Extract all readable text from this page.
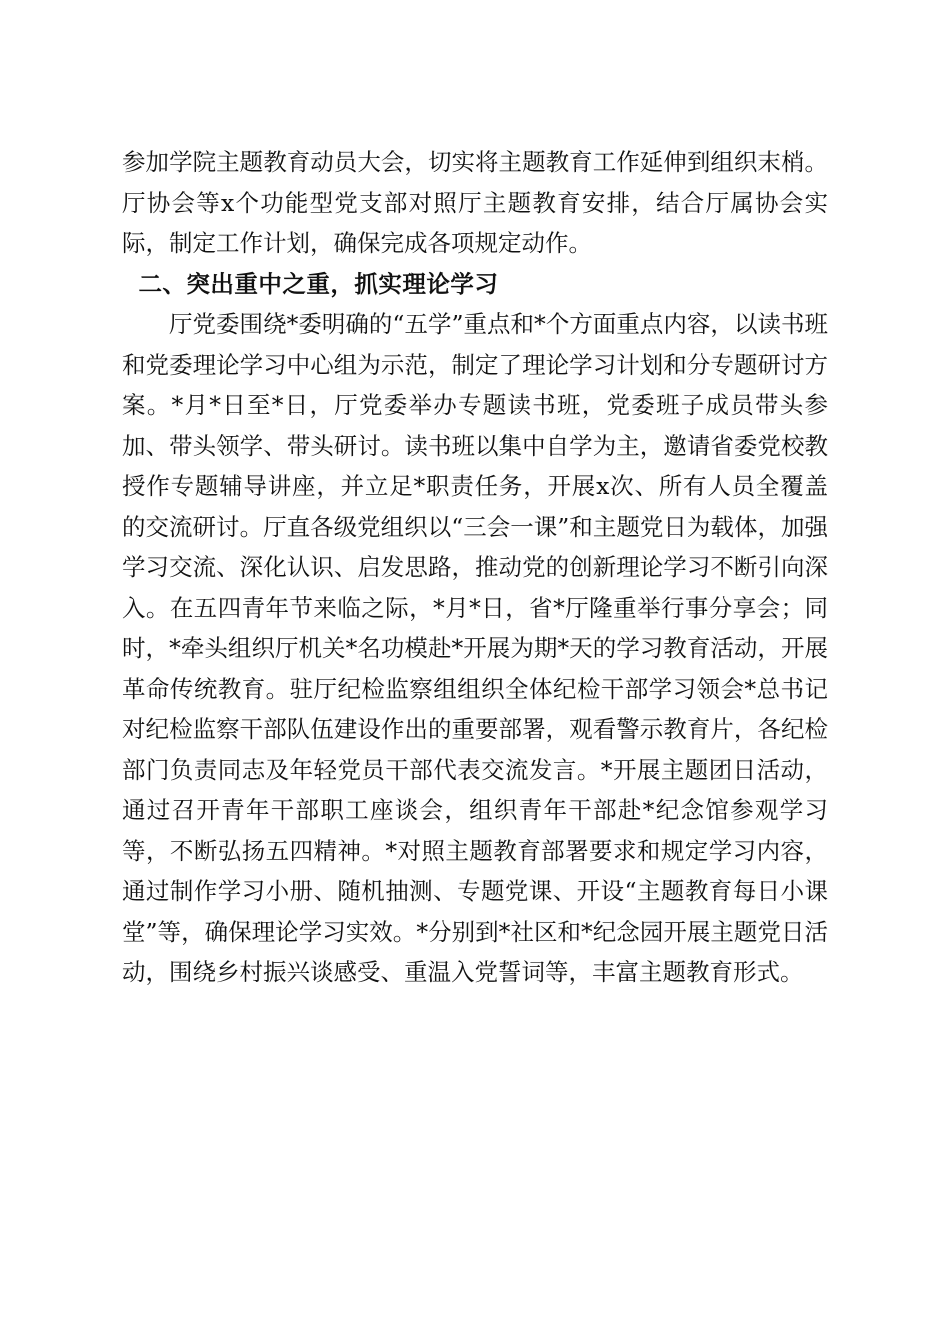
参加学院主题教育动员大会，切实将主题教育工作延伸到组织末梢。厅协会等x个功能型党支部对照厅主题教育安排，结合厅属协会实际，制定工作计划，确保完成各项规定动作。

二、突出重中之重，抓实理论学习

厅党委围绕*委明确的“五学”重点和*个方面重点内容，以读书班和党委理论学习中心组为示范，制定了理论学习计划和分专题研讨方案。*月*日至*日，厅党委举办专题读书班，党委班子成员带头参加、带头领学、带头研讨。读书班以集中自学为主，邀请省委党校教授作专题辅导讲座，并立足*职责任务，开展x次、所有人员全覆盖的交流研讨。厅直各级党组织以“三会一课”和主题党日为载体，加强学习交流、深化认识、启发思路，推动党的创新理论学习不断引向深入。在五四青年节来临之际，*月*日，省*厅隆重举行事分享会；同时，*牵头组织厅机关*名功模赴*开展为期*天的学习教育活动，开展革命传统教育。驻厅纪检监察组组织全体纪检干部学习领会*总书记对纪检监察干部队伍建设作出的重要部署，观看警示教育片，各纪检部门负责同志及年轻党员干部代表交流发言。*开展主题团日活动，通过召开青年干部职工座谈会，组织青年干部赴*纪念馆参观学习等，不断弘扬五四精神。*对照主题教育部署要求和规定学习内容，通过制作学习小册、随机抽测、专题党课、开设“主题教育每日小课堂”等，确保理论学习实效。*分别到*社区和*纪念园开展主题党日活动，围绕乡村振兴谈感受、重温入党誓词等，丰富主题教育形式。
